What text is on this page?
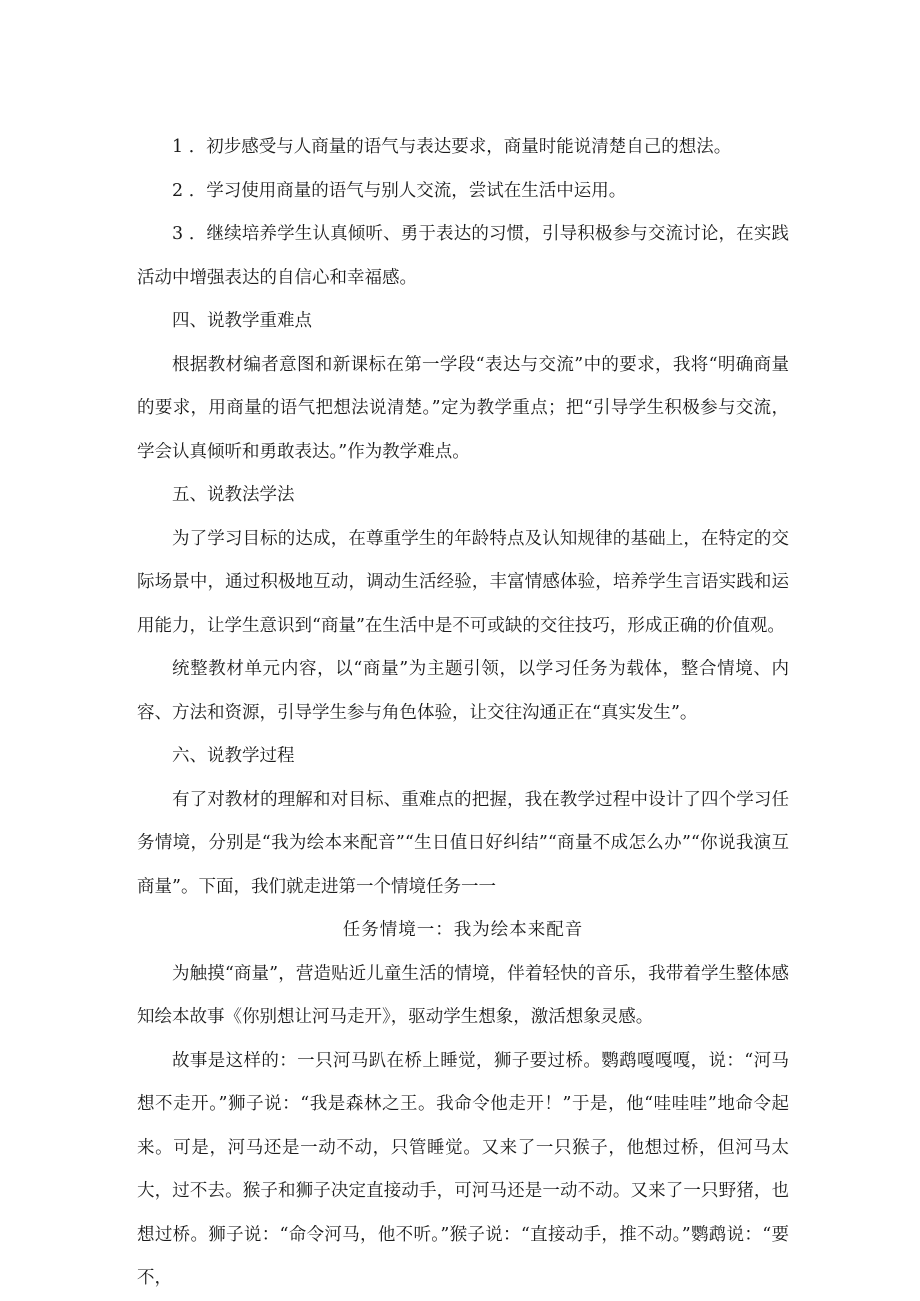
1 ．初步感受与人商量的语气与表达要求，商量时能说清楚自己的想法。

2 ．学习使用商量的语气与别人交流，尝试在生活中运用。

3 ．继续培养学生认真倾听、勇于表达的习惯，引导积极参与交流讨论，在实践活动中增强表达的自信心和幸福感。

四、说教学重难点

根据教材编者意图和新课标在第一学段“表达与交流”中的要求，我将“明确商量的要求，用商量的语气把想法说清楚。”定为教学重点；把“引导学生积极参与交流，学会认真倾听和勇敢表达。”作为教学难点。

五、说教法学法

为了学习目标的达成，在尊重学生的年龄特点及认知规律的基础上，在特定的交际场景中，通过积极地互动，调动生活经验，丰富情感体验，培养学生言语实践和运用能力，让学生意识到“商量”在生活中是不可或缺的交往技巧，形成正确的价值观。

统整教材单元内容，以“商量”为主题引领，以学习任务为载体，整合情境、内容、方法和资源，引导学生参与角色体验，让交往沟通正在“真实发生”。

六、说教学过程

有了对教材的理解和对目标、重难点的把握，我在教学过程中设计了四个学习任务情境，分别是“我为绘本来配音”“生日值日好纠结”“商量不成怎么办”“你说我演互商量”。下面，我们就走进第一个情境任务一一

任务情境一：我为绘本来配音

为触摸“商量”，营造贴近儿童生活的情境，伴着轻快的音乐，我带着学生整体感知绘本故事《你别想让河马走开》，驱动学生想象，激活想象灵感。

故事是这样的：一只河马趴在桥上睡觉，狮子要过桥。鹦鹉嘎嘎嘎，说：“河马想不走开。”狮子说：“我是森林之王。我命令他走开！”于是，他“哇哇哇”地命令起来。可是，河马还是一动不动，只管睡觉。又来了一只猴子，他想过桥，但河马太大，过不去。猴子和狮子决定直接动手，可河马还是一动不动。又来了一只野猪，也想过桥。狮子说：“命令河马，他不听。”猴子说：“直接动手，推不动。”鹦鹉说：“要不，
